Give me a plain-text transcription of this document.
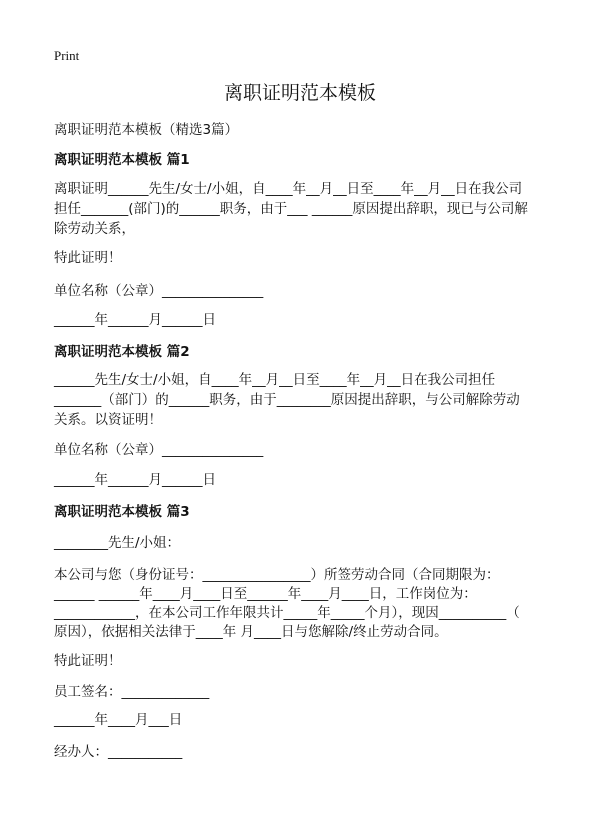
Print
离职证明范本模板
离职证明范本模板（精选3篇）
离职证明范本模板 篇1
离职证明______先生/女士/小姐，自____年__月__日至____年__月__日在我公司
担任_______(部门)的______职务，由于___ ______原因提出辞职，现已与公司解
除劳动关系，
特此证明！
单位名称（公章）_______________
______年______月______日
离职证明范本模板 篇2
______先生/女士/小姐，自____年__月__日至____年__月__日在我公司担任
_______（部门）的______职务，由于________原因提出辞职，与公司解除劳动
关系。以资证明！
单位名称（公章）_______________
______年______月______日
离职证明范本模板 篇3
________先生/小姐：
本公司与您（身份证号：________________）所签劳动合同（合同期限为：
______ ______年____月____日至______年____月____日，工作岗位为：
____________，在本公司工作年限共计_____年_____个月），现因__________（
原因），依据相关法律于____年 月____日与您解除/终止劳动合同。
特此证明！
员工签名：_____________
______年____月___日
经办人：___________
